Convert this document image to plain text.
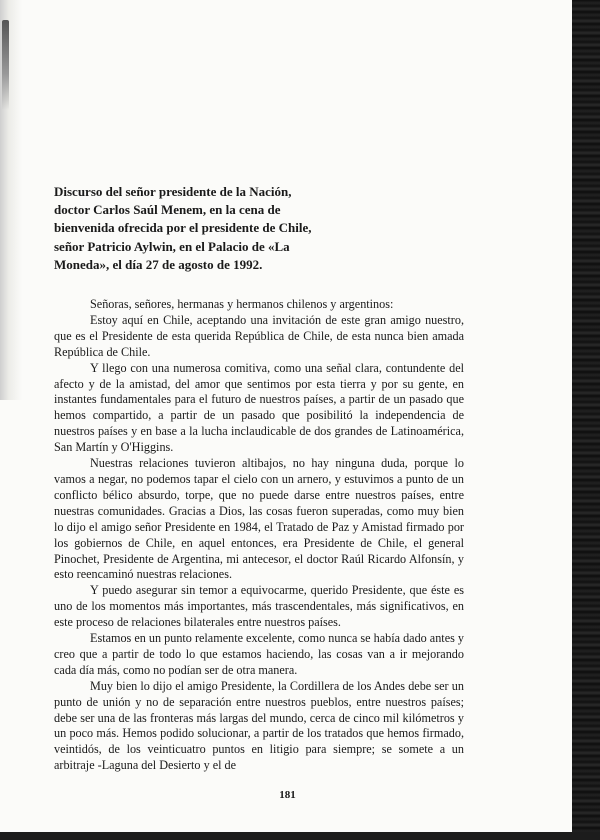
Discurso del señor presidente de la Nación,
doctor Carlos Saúl Menem, en la cena de
bienvenida ofrecida por el presidente de Chile,
señor Patricio Aylwin, en el Palacio de «La
Moneda», el día 27 de agosto de 1992.

Señoras, señores, hermanas y hermanos chilenos y argentinos:

Estoy aquí en Chile, aceptando una invitación de este gran amigo nuestro, que es el Presidente de esta querida República de Chile, de esta nunca bien amada República de Chile.

Y llego con una numerosa comitiva, como una señal clara, contundente del afecto y de la amistad, del amor que sentimos por esta tierra y por su gente, en instantes fundamentales para el futuro de nuestros países, a partir de un pasado que hemos compartido, a partir de un pasado que posibilitó la independencia de nuestros países y en base a la lucha inclaudicable de dos grandes de Latinoamérica, San Martín y O'Higgins.

Nuestras relaciones tuvieron altibajos, no hay ninguna duda, porque lo vamos a negar, no podemos tapar el cielo con un arnero, y estuvimos a punto de un conflicto bélico absurdo, torpe, que no puede darse entre nuestros países, entre nuestras comunidades. Gracias a Dios, las cosas fueron superadas, como muy bien lo dijo el amigo señor Presidente en 1984, el Tratado de Paz y Amistad firmado por los gobiernos de Chile, en aquel entonces, era Presidente de Chile, el general Pinochet, Presidente de Argentina, mi antecesor, el doctor Raúl Ricardo Alfonsín, y esto reencaminó nuestras relaciones.

Y puedo asegurar sin temor a equivocarme, querido Presidente, que éste es uno de los momentos más importantes, más trascendentales, más significativos, en este proceso de relaciones bilaterales entre nuestros países.

Estamos en un punto relamente excelente, como nunca se había dado antes y creo que a partir de todo lo que estamos haciendo, las cosas van a ir mejorando cada día más, como no podían ser de otra manera.

Muy bien lo dijo el amigo Presidente, la Cordillera de los Andes debe ser un punto de unión y no de separación entre nuestros pueblos, entre nuestros países; debe ser una de las fronteras más largas del mundo, cerca de cinco mil kilómetros y un poco más. Hemos podido solucionar, a partir de los tratados que hemos firmado, veintidós, de los veinticuatro puntos en litigio para siempre; se somete a un arbitraje -Laguna del Desierto y el de

181
